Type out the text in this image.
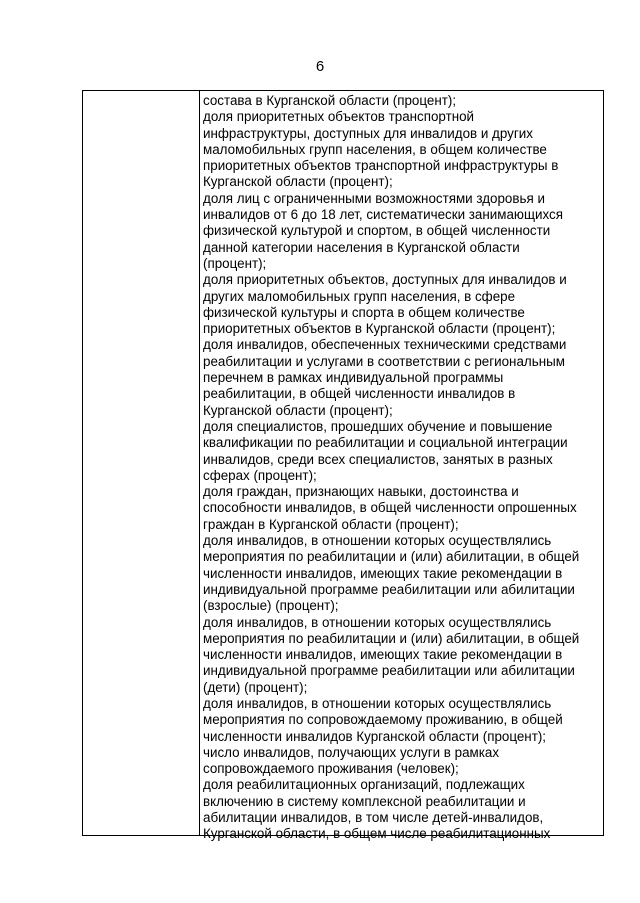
6
состава в Курганской области (процент);
доля приоритетных объектов транспортной
инфраструктуры, доступных для инвалидов и других
маломобильных групп населения, в общем количестве
приоритетных объектов транспортной инфраструктуры в
Курганской области (процент);
доля лиц с ограниченными возможностями здоровья и
инвалидов от 6 до 18 лет, систематически занимающихся
физической культурой и спортом, в общей численности
данной категории населения в Курганской области
(процент);
доля приоритетных объектов, доступных для инвалидов и
других маломобильных групп населения, в сфере
физической культуры и спорта в общем количестве
приоритетных объектов в Курганской области (процент);
доля инвалидов, обеспеченных техническими средствами
реабилитации и услугами в соответствии с региональным
перечнем в рамках индивидуальной программы
реабилитации, в общей численности инвалидов в
Курганской области (процент);
доля специалистов, прошедших обучение и повышение
квалификации по реабилитации и социальной интеграции
инвалидов, среди всех специалистов, занятых в разных
сферах (процент);
доля граждан, признающих навыки, достоинства и
способности инвалидов, в общей численности опрошенных
граждан в Курганской области (процент);
доля инвалидов, в отношении которых осуществлялись
мероприятия по реабилитации и (или) абилитации, в общей
численности инвалидов, имеющих такие рекомендации в
индивидуальной программе реабилитации или абилитации
(взрослые) (процент);
доля инвалидов, в отношении которых осуществлялись
мероприятия по реабилитации и (или) абилитации, в общей
численности инвалидов, имеющих такие рекомендации в
индивидуальной программе реабилитации или абилитации
(дети) (процент);
доля инвалидов, в отношении которых осуществлялись
мероприятия по сопровождаемому проживанию, в общей
численности инвалидов Курганской области (процент);
число инвалидов, получающих услуги в рамках
сопровождаемого проживания (человек);
доля реабилитационных организаций, подлежащих
включению в систему комплексной реабилитации и
абилитации инвалидов, в том числе детей-инвалидов,
Курганской области, в общем числе реабилитационных
